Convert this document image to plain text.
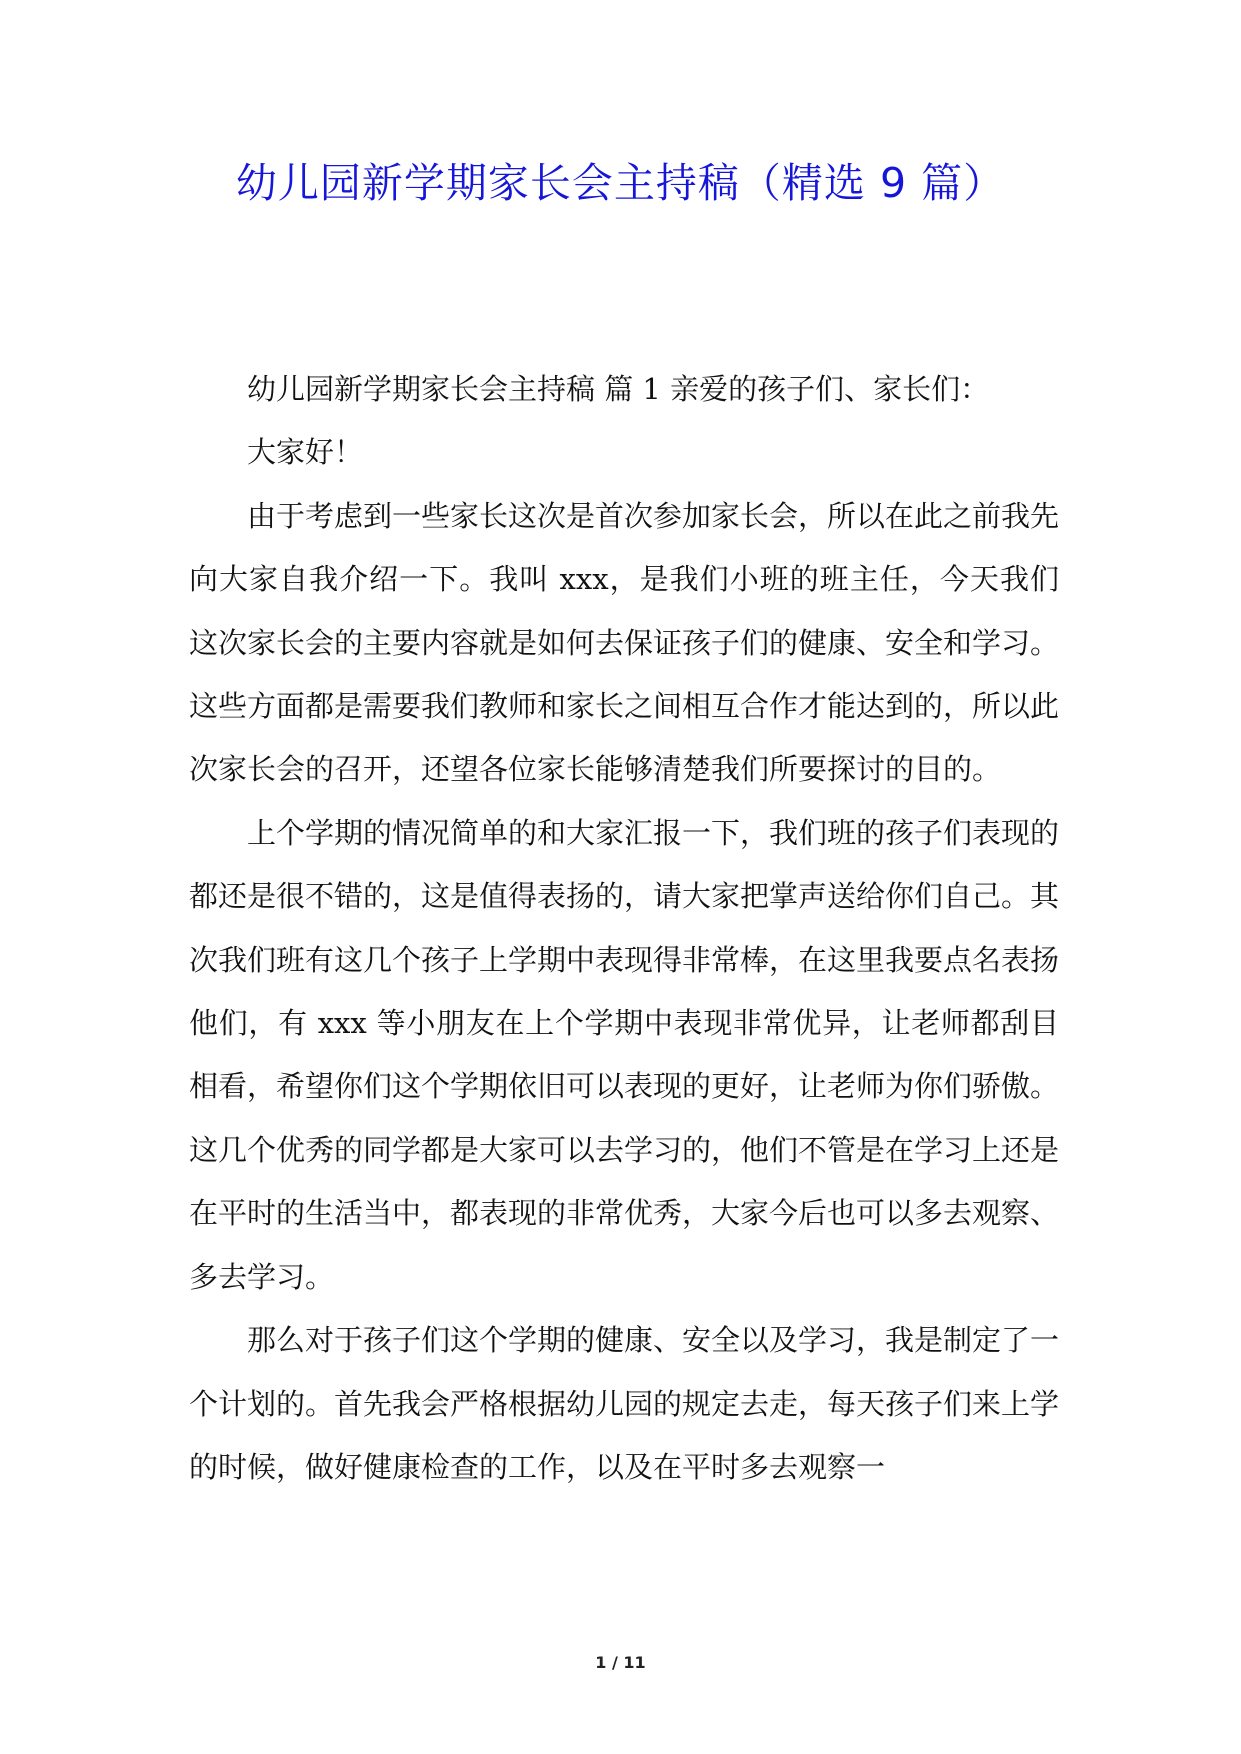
幼儿园新学期家长会主持稿（精选 9 篇）

幼儿园新学期家长会主持稿 篇 1 亲爱的孩子们、家长们：

大家好！

由于考虑到一些家长这次是首次参加家长会，所以在此之前我先向大家自我介绍一下。我叫 xxx，是我们小班的班主任，今天我们这次家长会的主要内容就是如何去保证孩子们的健康、安全和学习。这些方面都是需要我们教师和家长之间相互合作才能达到的，所以此次家长会的召开，还望各位家长能够清楚我们所要探讨的目的。

上个学期的情况简单的和大家汇报一下，我们班的孩子们表现的都还是很不错的，这是值得表扬的，请大家把掌声送给你们自己。其次我们班有这几个孩子上学期中表现得非常棒，在这里我要点名表扬他们，有 xxx 等小朋友在上个学期中表现非常优异，让老师都刮目相看，希望你们这个学期依旧可以表现的更好，让老师为你们骄傲。这几个优秀的同学都是大家可以去学习的，他们不管是在学习上还是在平时的生活当中，都表现的非常优秀，大家今后也可以多去观察、多去学习。

那么对于孩子们这个学期的健康、安全以及学习，我是制定了一个计划的。首先我会严格根据幼儿园的规定去走，每天孩子们来上学的时候，做好健康检查的工作，以及在平时多去观察一

1 / 11
